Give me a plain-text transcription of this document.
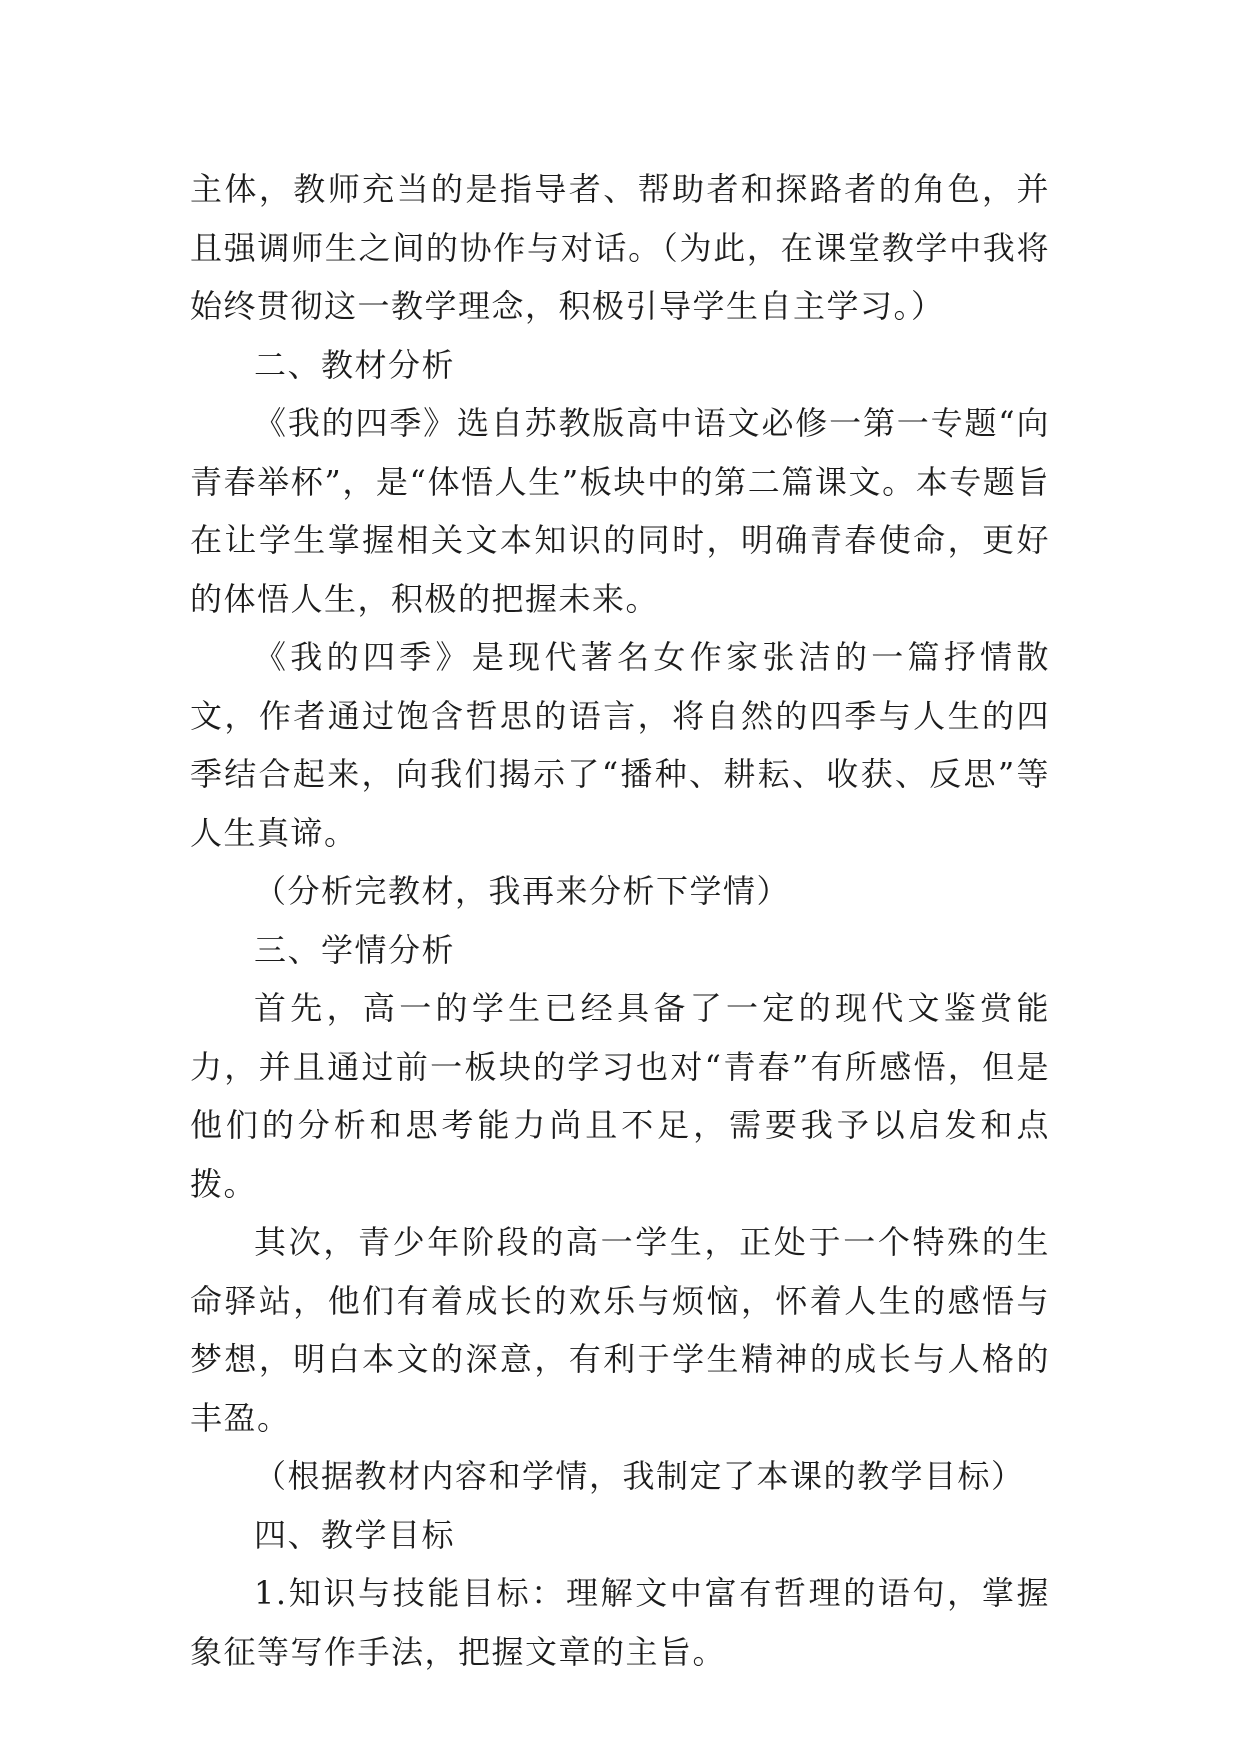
主体，教师充当的是指导者、帮助者和探路者的角色，并且强调师生之间的协作与对话。（为此，在课堂教学中我将始终贯彻这一教学理念，积极引导学生自主学习。）

二、教材分析

《我的四季》选自苏教版高中语文必修一第一专题“向青春举杯”，是“体悟人生”板块中的第二篇课文。本专题旨在让学生掌握相关文本知识的同时，明确青春使命，更好的体悟人生，积极的把握未来。

《我的四季》是现代著名女作家张洁的一篇抒情散文，作者通过饱含哲思的语言，将自然的四季与人生的四季结合起来，向我们揭示了“播种、耕耘、收获、反思”等人生真谛。

（分析完教材，我再来分析下学情）

三、学情分析

首先，高一的学生已经具备了一定的现代文鉴赏能力，并且通过前一板块的学习也对“青春”有所感悟，但是他们的分析和思考能力尚且不足，需要我予以启发和点拨。

其次，青少年阶段的高一学生，正处于一个特殊的生命驿站，他们有着成长的欢乐与烦恼，怀着人生的感悟与梦想，明白本文的深意，有利于学生精神的成长与人格的丰盈。

（根据教材内容和学情，我制定了本课的教学目标）

四、教学目标

1.知识与技能目标：理解文中富有哲理的语句，掌握象征等写作手法，把握文章的主旨。
